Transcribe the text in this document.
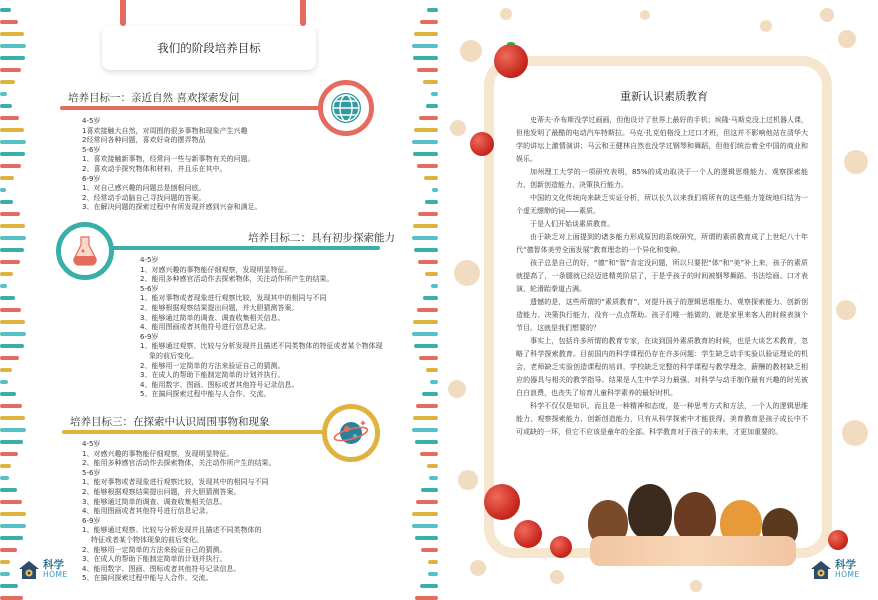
我们的阶段培养目标
培养目标一：亲近自然 喜欢探索发问
4-5岁
1喜欢接触大自然，对周围的很多事物和现象产生兴趣
2经常问各种问题，喜欢好奇的摆弄物品
5-6岁
1、喜欢接触新事物，经常问一些与新事物有关的问题。
2、喜欢动手探究物体和材料，并且乐在其中。
6-9岁
1、对自己感兴趣的问题总是刨根问底。
2、经常动手动脑自己寻找问题的答案。
3、在解决问题的探索过程中有所发现并感到兴奋和满足。
培养目标二：具有初步探索能力
4-5岁
1、对感兴趣的事物能仔细观察，发现明显特征。
2、能用多种感官活动作去探索物体，关注动作所产生的结果。
5-6岁
1、能对事物或者现象进行观察比较，发现其中的相同与不同
2、能够根据观察结果提出问题，并大胆猜测答案。
3、能够通过简单的调查、调查收集相关信息。
4、能用图画或者其他符号进行信息记录。
6-9岁
1、能够通过观察、比较与分析发现并且描述不同类物体的特征或者某个物体现
象的前后变化。
2、能够用一定简单的方法来验证自己的猜测。
3、在成人的帮助下能制定简单的计划并执行。
4、能用数字、图画、图标或者其他符号记录信息。
5、在搞问探索过程中能与人合作、交流。
培养目标三：在探索中认识周围事物和现象
4-5岁
1、对感兴趣的事物能仔细观察，发现明显特征。
2、能用多种感官活动作去探索物体，关注动作所产生的结果。
5-6岁
1、能对事物或者现象进行观察比较，发现其中的相同与不同
2、能够根据观察结果提出问题，并大胆猜测答案。
3、能够通过简单的调查、调查收集相关信息。
4、能用图画或者其他符号进行信息记录。
6-9岁
1、能够通过观察、比较与分析发现并且描述不同类物体的
特征或者某个物体现象的前后变化。
2、能够用一定简单的方法来验证自己的猜测。
3、在成人的帮助下能制定简单的计划并执行。
4、能用数字、图画、图标或者其他符号记录信息。
5、在搞问探索过程中能与人合作、交流。
科学
HOME
重新认识素质教育

史蒂夫·乔布斯没学过画画，但他设计了世界上最好的手机；埃隆·马斯克没上过机器人课，但他发明了最酷的电动汽车特斯拉。马克·扎克伯格没上过口才班，但这并不影响他站在清华大学的讲坛上激情演讲；马云和王健林自然也没学过钢琴和舞蹈，但他们统治着全中国的商业和娱乐。

加州理工大学的一项研究表明，85%的成功取决于一个人的逻辑思维能力、观察探索能力、创新创造能力、决策执行能力。

中国的文化传统向来缺乏实证分析，所以长久以来我们将所有的这些能力笼统地归结为一个虚无缥缈的词——素质。

于是人们开始谈素质教育。

由于缺乏对上面提到的诸多能力形成原因的系统研究，所谓的素质教育成了上世纪八十年代“德智体美劳全面发展”教育理念的一个异化和变种。

孩子总是自己的好，“德”和“智”肯定没问题，所以只要把“体”和“美”补上来，孩子的素质就提高了，一条腿就已经迈进精英阶层了，于是乎孩子的时间被钢琴舞蹈、书法绘画、口才表演、轮滑跆拳道占满。

遗憾的是，这些所谓的“素质教育”，对提升孩子的逻辑思维能力、观察探索能力、创新创造能力、决策执行能力，没有一点点帮助。孩子们唯一能做的，就是家里来客人的时候表演个节目。这就是我们想要的？

事实上，包括许多所谓的教育专家，在谈到国外素质教育的时候，也是大谈艺术教育，忽略了科学探索教育。目前国内的科学课程仍存在许多问题：学生缺乏动手实验以验证理论的机会，老师缺乏实验创造课程的培训，学校缺乏完整的科学课程与教学理念，薪酬的教材缺乏相应的器具与相关的教学指导。结果是人生中学习力最强、对科学与动手制作最有兴趣的时光被白白浪费，也丧失了培育儿童科学素养的最好时机。

科学不仅仅是知识，而且是一种精神和态度，是一种思考方式和方法，一个人的逻辑思维能力、观察探索能力、创新创造能力，只有从科学探索中才能获得。美育教育是孩子成长中不可或缺的一环，但它不应该是童年的全部。科学教育对于孩子的未来，才更加重要的。

科学
HOME
